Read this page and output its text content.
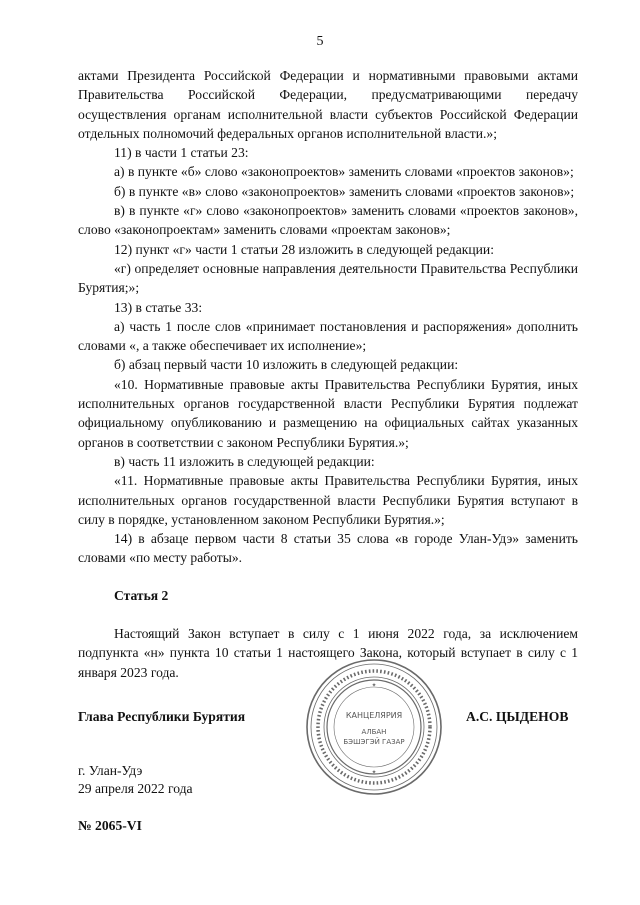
5

актами Президента Российской Федерации и нормативными правовыми актами Правительства Российской Федерации, предусматривающими передачу осуществления органам исполнительной власти субъектов Российской Федерации отдельных полномочий федеральных органов исполнительной власти.»;

11) в части 1 статьи 23:

а) в пункте «б» слово «законопроектов» заменить словами «проектов законов»;

б) в пункте «в» слово «законопроектов» заменить словами «проектов законов»;

в) в пункте «г» слово «законопроектов» заменить словами «проектов законов», слово «законопроектам» заменить словами «проектам законов»;

12) пункт «г» части 1 статьи 28 изложить в следующей редакции:

«г) определяет основные направления деятельности Правительства Республики Бурятия;»;

13) в статье 33:

а) часть 1 после слов «принимает постановления и распоряжения» дополнить словами «, а также обеспечивает их исполнение»;

б) абзац первый части 10 изложить в следующей редакции:

«10. Нормативные правовые акты Правительства Республики Бурятия, иных исполнительных органов государственной власти Республики Бурятия подлежат официальному опубликованию и размещению на официальных сайтах указанных органов в соответствии с законом Республики Бурятия.»;

в) часть 11 изложить в следующей редакции:

«11. Нормативные правовые акты Правительства Республики Бурятия, иных исполнительных органов государственной власти Республики Бурятия вступают в силу в порядке, установленном законом Республики Бурятия.»;

14) в абзаце первом части 8 статьи 35 слова «в городе Улан-Удэ» заменить словами «по месту работы».

Статья 2

Настоящий Закон вступает в силу с 1 июня 2022 года, за исключением подпункта «н» пункта 10 статьи 1 настоящего Закона, который вступает в силу с 1 января 2023 года.

Глава Республики Бурятия
✦
✦
КАНЦЕЛЯРИЯ
АЛБАН
БЭШЭГЭЙ ГАЗАР
А.С. ЦЫДЕНОВ
г. Улан-Удэ
29 апреля 2022 года
№ 2065-VI
